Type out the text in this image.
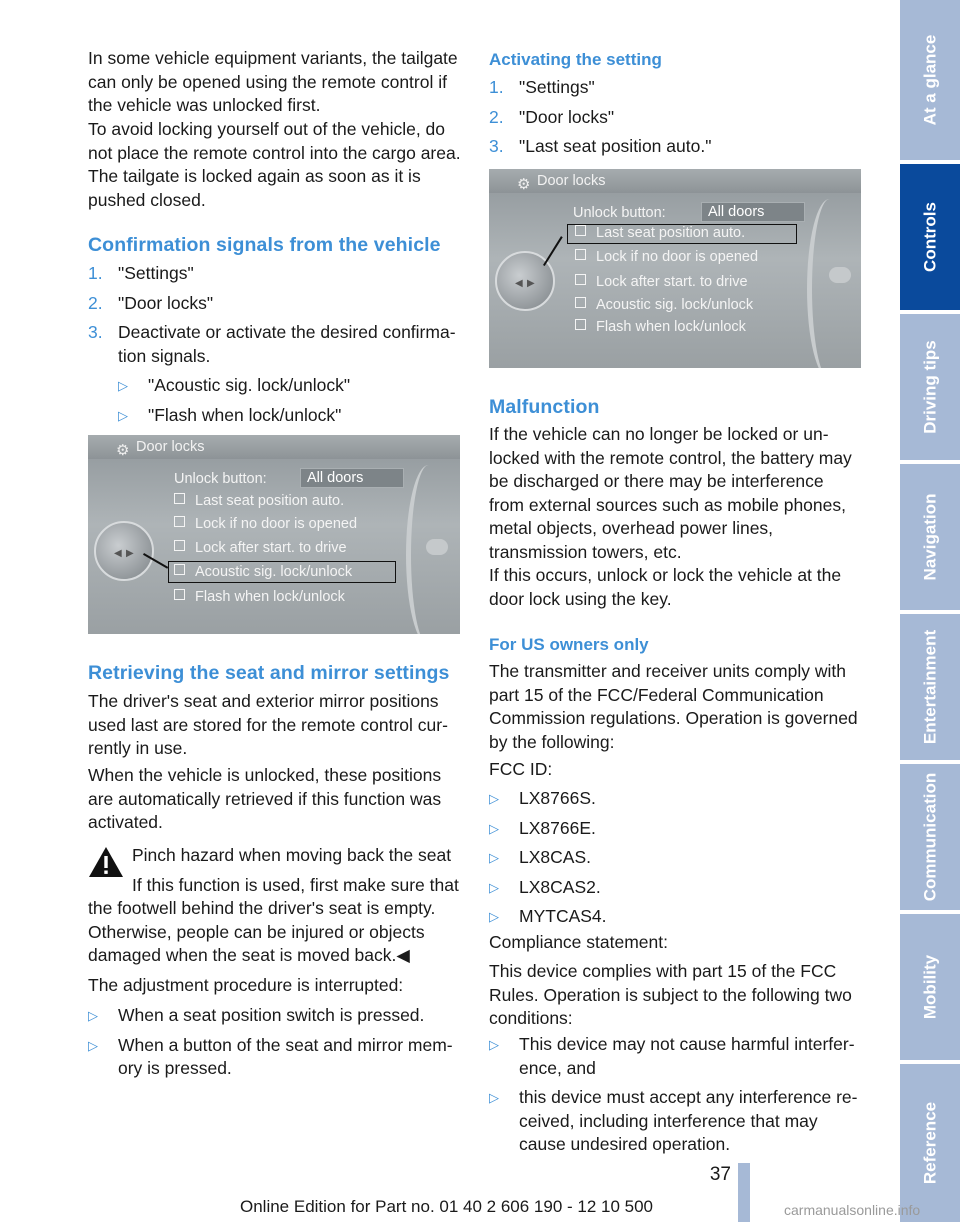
In some vehicle equipment variants, the tailgate can only be opened using the remote control if the vehicle was unlocked first.

To avoid locking yourself out of the vehicle, do not place the remote control into the cargo area. The tailgate is locked again as soon as it is pushed closed.

Confirmation signals from the vehicle
1. "Settings"
2. "Door locks"
3. Deactivate or activate the desired confirmation signals.
▷	"Acoustic sig. lock/unlock"
▷	"Flash when lock/unlock"
Door locks
⚙
◀ ▶
Unlock button:	All doors
Last seat position auto.
Lock if no door is opened
Lock after start. to drive
Acoustic sig. lock/unlock
Flash when lock/unlock
Retrieving the seat and mirror settings

The driver's seat and exterior mirror positions used last are stored for the remote control currently in use.

When the vehicle is unlocked, these positions are automatically retrieved if this function was activated.

Pinch hazard when moving back the seat
If this function is used, first make sure that

the footwell behind the driver's seat is empty. Otherwise, people can be injured or objects damaged when the seat is moved back.◀

The adjustment procedure is interrupted:

▷	When a seat position switch is pressed.
▷	When a button of the seat and mirror memory is pressed.
Activating the setting
1. "Settings"
2. "Door locks"
3. "Last seat position auto."
Door locks
⚙
◀ ▶
Unlock button:	All doors
Last seat position auto.
Lock if no door is opened
Lock after start. to drive
Acoustic sig. lock/unlock
Flash when lock/unlock
Malfunction

If the vehicle can no longer be locked or unlocked with the remote control, the battery may be discharged or there may be interference from external sources such as mobile phones, metal objects, overhead power lines, transmission towers, etc.

If this occurs, unlock or lock the vehicle at the door lock using the key.

For US owners only

The transmitter and receiver units comply with part 15 of the FCC/Federal Communication Commission regulations. Operation is governed by the following:

FCC ID:

▷	LX8766S.
▷	LX8766E.
▷	LX8CAS.
▷	LX8CAS2.
▷	MYTCAS4.

Compliance statement:

This device complies with part 15 of the FCC Rules. Operation is subject to the following two conditions:

▷	This device may not cause harmful interference, and
▷	this device must accept any interference received, including interference that may cause undesired operation.
At a glance
Controls
Driving tips
Navigation
Entertainment
Communication
Mobility
Reference
37
Online Edition for Part no. 01 40 2 606 190 - 12 10 500	carmanualsonline.info
